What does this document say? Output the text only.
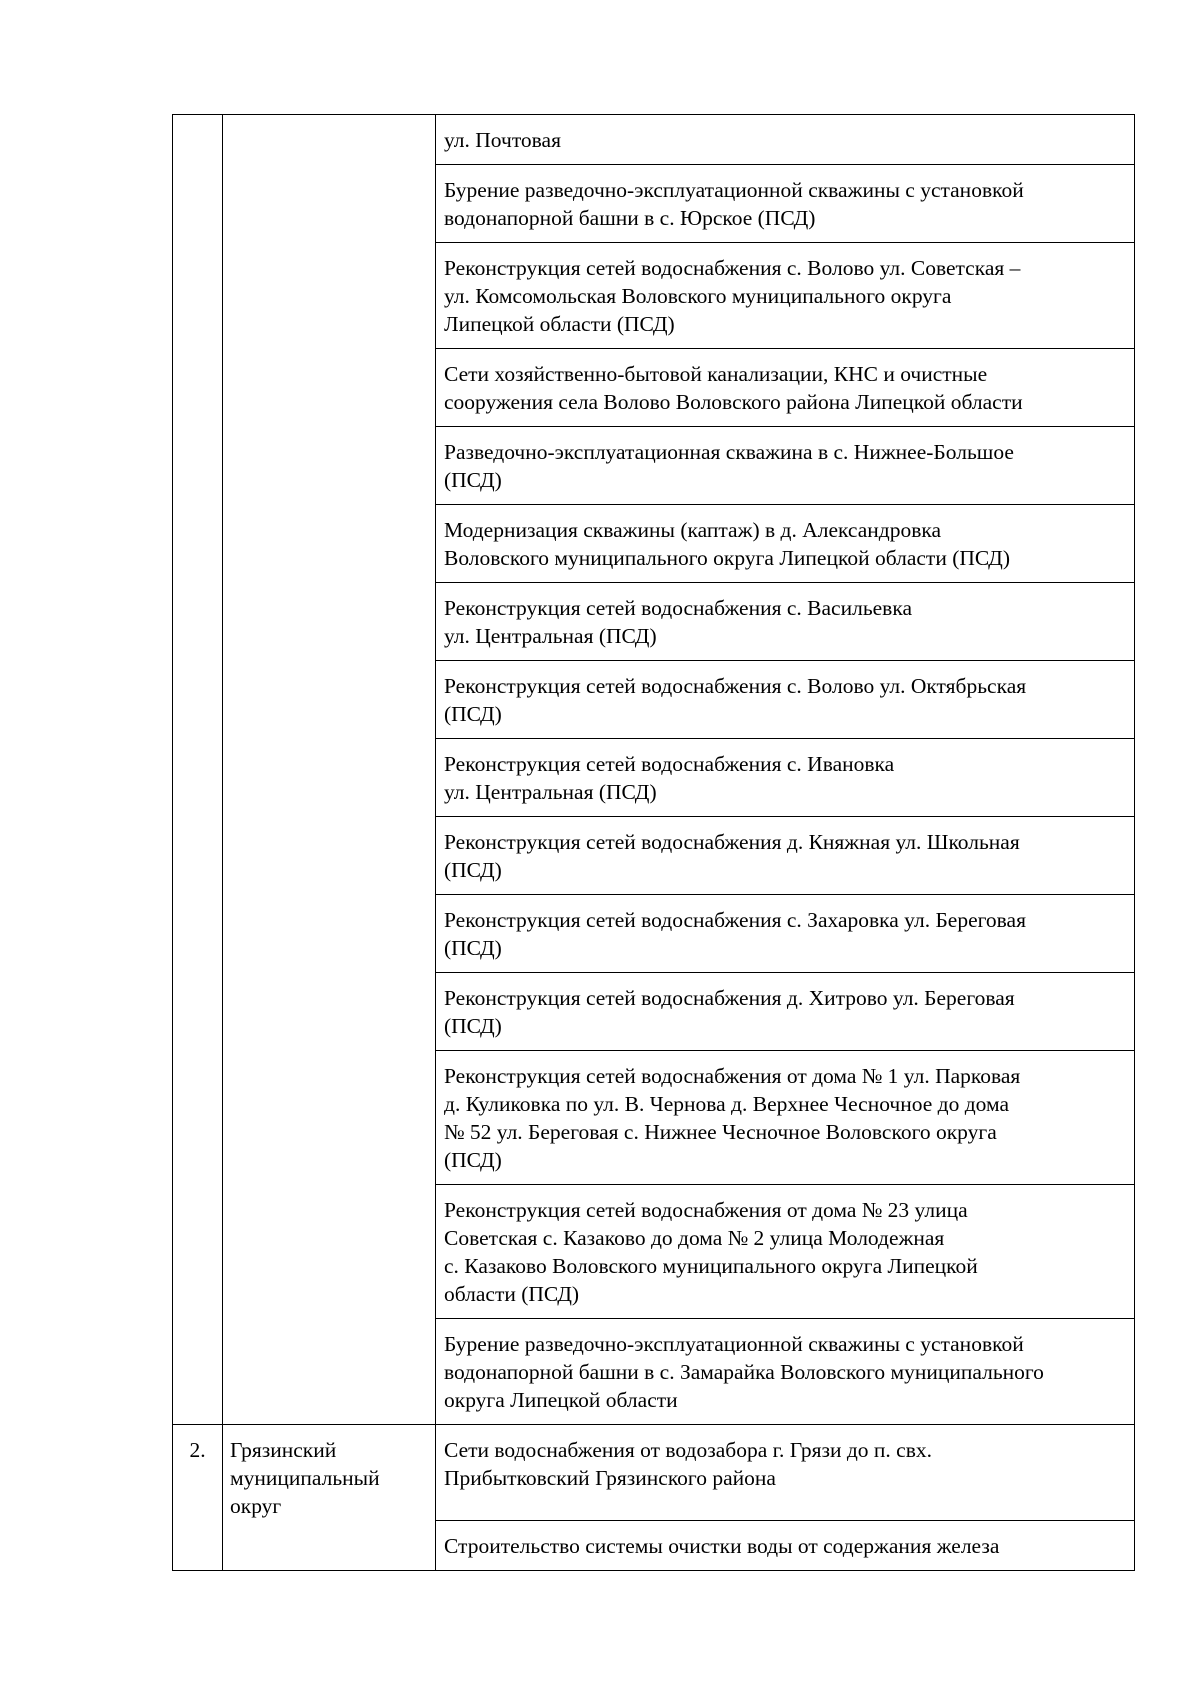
		ул. Почтовая

		Бурение разведочно-эксплуатационной скважины с установкой
водонапорной башни в с. Юрское (ПСД)

		Реконструкция сетей водоснабжения с. Волово ул. Советская –
ул. Комсомольская Воловского муниципального округа
Липецкой области (ПСД)

		Сети хозяйственно-бытовой канализации, КНС и очистные
сооружения села Волово Воловского района Липецкой области

		Разведочно-эксплуатационная скважина в с. Нижнее-Большое
(ПСД)

		Модернизация скважины (каптаж) в д. Александровка
Воловского муниципального округа Липецкой области (ПСД)

		Реконструкция сетей водоснабжения с. Васильевка
ул. Центральная (ПСД)

		Реконструкция сетей водоснабжения с. Волово ул. Октябрьская
(ПСД)

		Реконструкция сетей водоснабжения с. Ивановка
ул. Центральная (ПСД)

		Реконструкция сетей водоснабжения д. Княжная ул. Школьная
(ПСД)

		Реконструкция сетей водоснабжения с. Захаровка ул. Береговая
(ПСД)

		Реконструкция сетей водоснабжения д. Хитрово ул. Береговая
(ПСД)

		Реконструкция сетей водоснабжения от дома № 1 ул. Парковая
д. Куликовка по ул. В. Чернова д. Верхнее Чесночное до дома
№ 52 ул. Береговая с. Нижнее Чесночное Воловского округа
(ПСД)

		Реконструкция сетей водоснабжения от дома № 23 улица
Советская с. Казаково до дома № 2 улица Молодежная
с. Казаково Воловского муниципального округа Липецкой
области (ПСД)

		Бурение разведочно-эксплуатационной скважины с установкой
водонапорной башни в с. Замарайка Воловского муниципального
округа Липецкой области

2.	Грязинский
муниципальный
округ	Сети водоснабжения от водозабора г. Грязи до п. свх.
Прибытковский Грязинского района

		Строительство системы очистки воды от содержания железа
